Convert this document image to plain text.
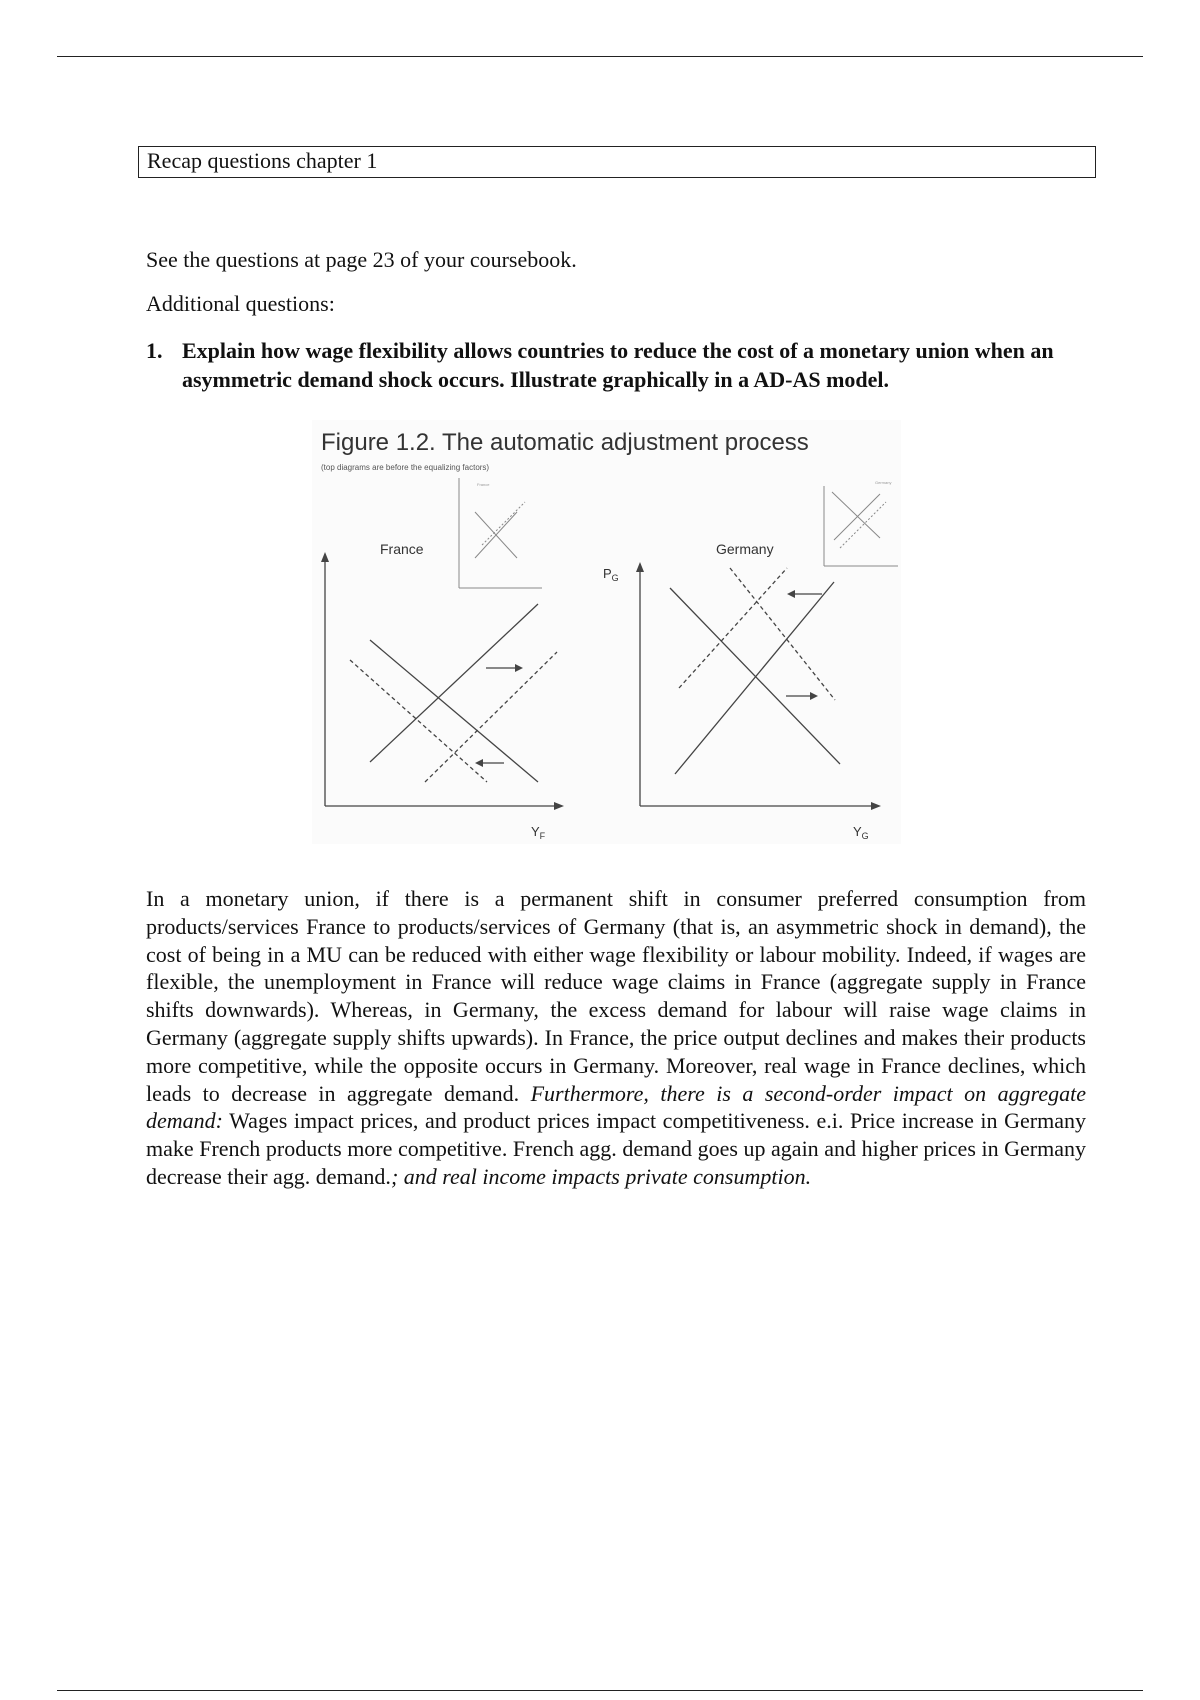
Recap questions chapter 1
See the questions at page 23 of your coursebook.
Additional questions:
1. Explain how wage flexibility allows countries to reduce the cost of a monetary union when an asymmetric demand shock occurs. Illustrate graphically in a AD-AS model.
Figure 1.2. The automatic adjustment process
(top diagrams are before the equalizing factors)
France	Germany
France
$Y_F$
Germany
$P_G$
$Y_G$
In a monetary union, if there is a permanent shift in consumer preferred consumption from products/services France to products/services of Germany (that is, an asymmetric shock in demand), the cost of being in a MU can be reduced with either wage flexibility or labour mobility. Indeed, if wages are flexible, the unemployment in France will reduce wage claims in France (aggregate supply in France shifts downwards). Whereas, in Germany, the excess demand for labour will raise wage claims in Germany (aggregate supply shifts upwards). In France, the price output declines and makes their products more competitive, while the opposite occurs in Germany. Moreover, real wage in France declines, which leads to decrease in aggregate demand. Furthermore, there is a second-order impact on aggregate demand: Wages impact prices, and product prices impact competitiveness. e.i. Price increase in Germany make French products more competitive. French agg. demand goes up again and higher prices in Germany decrease their agg. demand.; and real income impacts private consumption.
